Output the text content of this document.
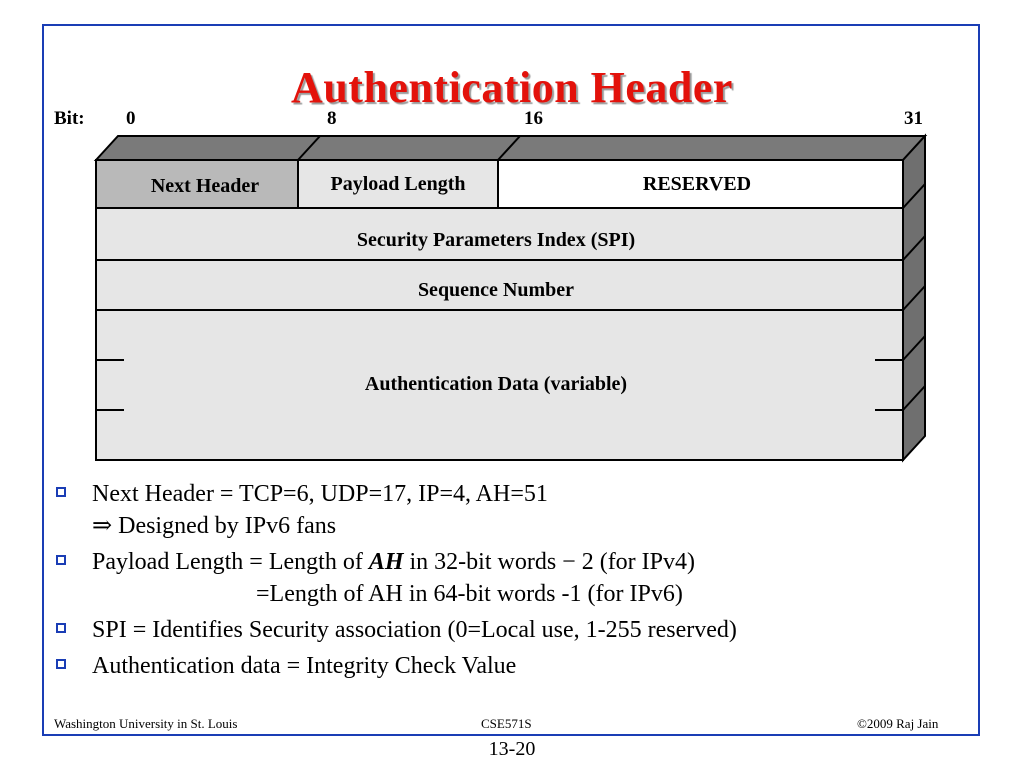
Authentication Header
Bit: 0	8	16	31
Next Header	Payload Length	RESERVED
Security Parameters Index (SPI)
Sequence Number
Authentication Data (variable)
Next Header = TCP=6, UDP=17, IP=4, AH=51
⇒ Designed by IPv6 fans
Payload Length = Length of AH in 32-bit words − 2 (for IPv4)
=Length of AH in 64-bit words -1 (for IPv6)
SPI = Identifies Security association (0=Local use, 1-255 reserved)
Authentication data = Integrity Check Value
Washington University in St. Louis	CSE571S	©2009 Raj Jain
13-20
